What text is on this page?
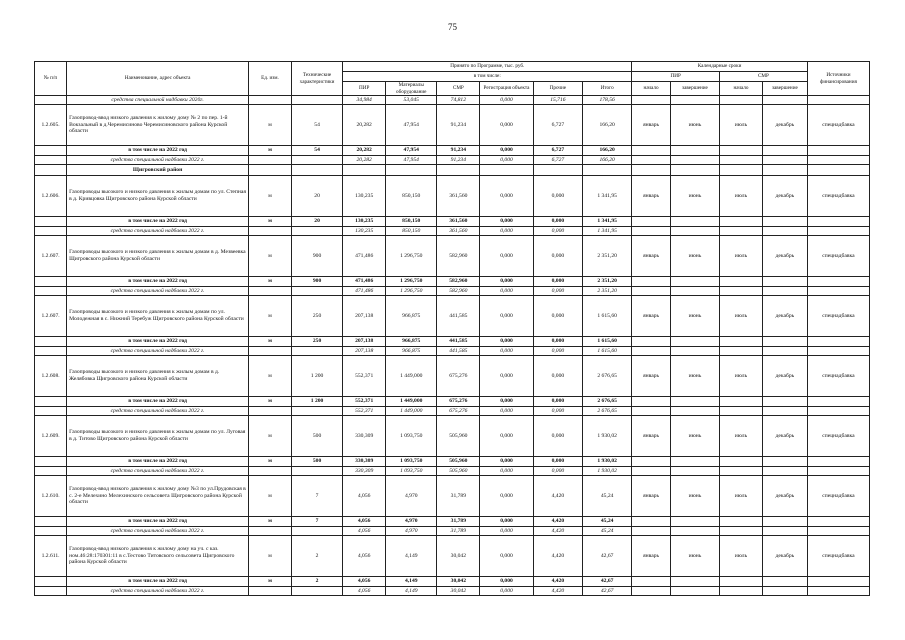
75
№ п/п	Наименование, адрес объекта	Ед. изм.	Технические характеристики	Принято по Программе, тыс. руб.						Календарные сроки				Источники финансирования
				в том числе:						ПИР		СМР		
				ПИР	Материалы оборудование	СМР	Регистрация объекта	Прочие	Итого	начало	завершение	начало	завершение	
	средства специальной надбавки 2020г.			34,984	53,045	74,812	0,000	15,716	178,56					
1.2.605.	Газопровод-ввод низкого давления к жилому дому № 2 по пер. 1-й Вокзальный в д.Черемисиново Черемисиновского района Курской области	м	54	20,282	47,954	91,234	0,000	6,727	166,20	январь	июнь	июль	декабрь	спецнадбавка
	в том числе на 2022 год	м	54	20,282	47,954	91,234	0,000	6,727	166,20					
	средства специальной надбавки 2022 г.			20,282	47,954	91,234	0,000	6,727	166,20					
	Щигровский район													
1.2.606.	Газопроводы высокого и низкого давления к жилым домам по ул. Степная в д. Кривцовка Щигровского района Курской области	м	20	130,235	850,150	361,560	0,000	0,000	1 341,95	январь	июнь	июль	декабрь	спецнадбавка
	в том числе на 2022 год	м	20	130,235	850,150	361,560	0,000	0,000	1 341,95					
	средства специальной надбавки 2022 г.			130,235	850,150	361,560	0,000	0,000	1 341,95					
1.2.607.	Газопроводы высокого и низкого давления к жилым домам в д. Мезвеевка Щигровского района Курской области	м	900	471,486	1 296,750	582,960	0,000	0,000	2 351,20	январь	июнь	июль	декабрь	спецнадбавка
	в том числе на 2022 год	м	900	471,486	1 296,750	582,960	0,000	0,000	2 351,20					
	средства специальной надбавки 2022 г.			471,486	1 296,750	582,960	0,000	0,000	2 351,20					
1.2.607.	Газопроводы высокого и низкого давления к жилым домам по ул. Молодежная в с. Нижний Теребуж Щигровского района Курской области	м	250	207,138	966,875	441,585	0,000	0,000	1 615,60	январь	июнь	июль	декабрь	спецнадбавка
	в том числе на 2022 год	м	250	207,138	966,875	441,585	0,000	0,000	1 615,60					
	средства специальной надбавки 2022 г.			207,138	966,875	441,585	0,000	0,000	1 615,60					
1.2.608.	Газопроводы высокого и низкого давления к жилым домам в д. Желябовка Щигровского района Курской области	м	1 200	552,371	1 449,000	675,276	0,000	0,000	2 676,65	январь	июнь	июль	декабрь	спецнадбавка
	в том числе на 2022 год	м	1 200	552,371	1 449,000	675,276	0,000	0,000	2 676,65					
	средства специальной надбавки 2022 г.			552,371	1 449,000	675,276	0,000	0,000	2 676,65					
1.2.609.	Газопроводы высокого и низкого давления к жилым домам по ул. Луговая в д. Титово Щигровского района Курской области	м	500	330,309	1 093,750	505,960	0,000	0,000	1 930,02	январь	июнь	июль	декабрь	спецнадбавка
	в том числе на 2022 год	м	500	330,309	1 093,750	505,960	0,000	0,000	1 930,02					
	средства специальной надбавки 2022 г.			330,309	1 093,750	505,960	0,000	0,000	1 930,02					
1.2.610.	Газопровод-ввод низкого давления к жилому дому №3 по ул.Прудовская в с. 2-е Мелехино Мелехинского сельсовета Щигровского района Курской области	м	7	4,056	4,970	31,789	0,000	4,420	45,24	январь	июнь	июль	декабрь	спецнадбавка
	в том числе на 2022 год	м	7	4,056	4,970	31,789	0,000	4,420	45,24					
	средства специальной надбавки 2022 г.			4,056	4,970	31,789	0,000	4,420	45,24					
1.2.611.	Газопровод-ввод низкого давления к жилому дому на уч. с каз. ном.46:28:170301:11 в с.Тестово Титовского сельсовета Щигровского района Курской области	м	2	4,056	4,149	30,042	0,000	4,420	42,67	январь	июнь	июль	декабрь	спецнадбавка
	в том числе на 2022 год	м	2	4,056	4,149	30,042	0,000	4,420	42,67					
	средства специальной надбавки 2022 г.			4,056	4,149	30,042	0,000	4,420	42,67					
